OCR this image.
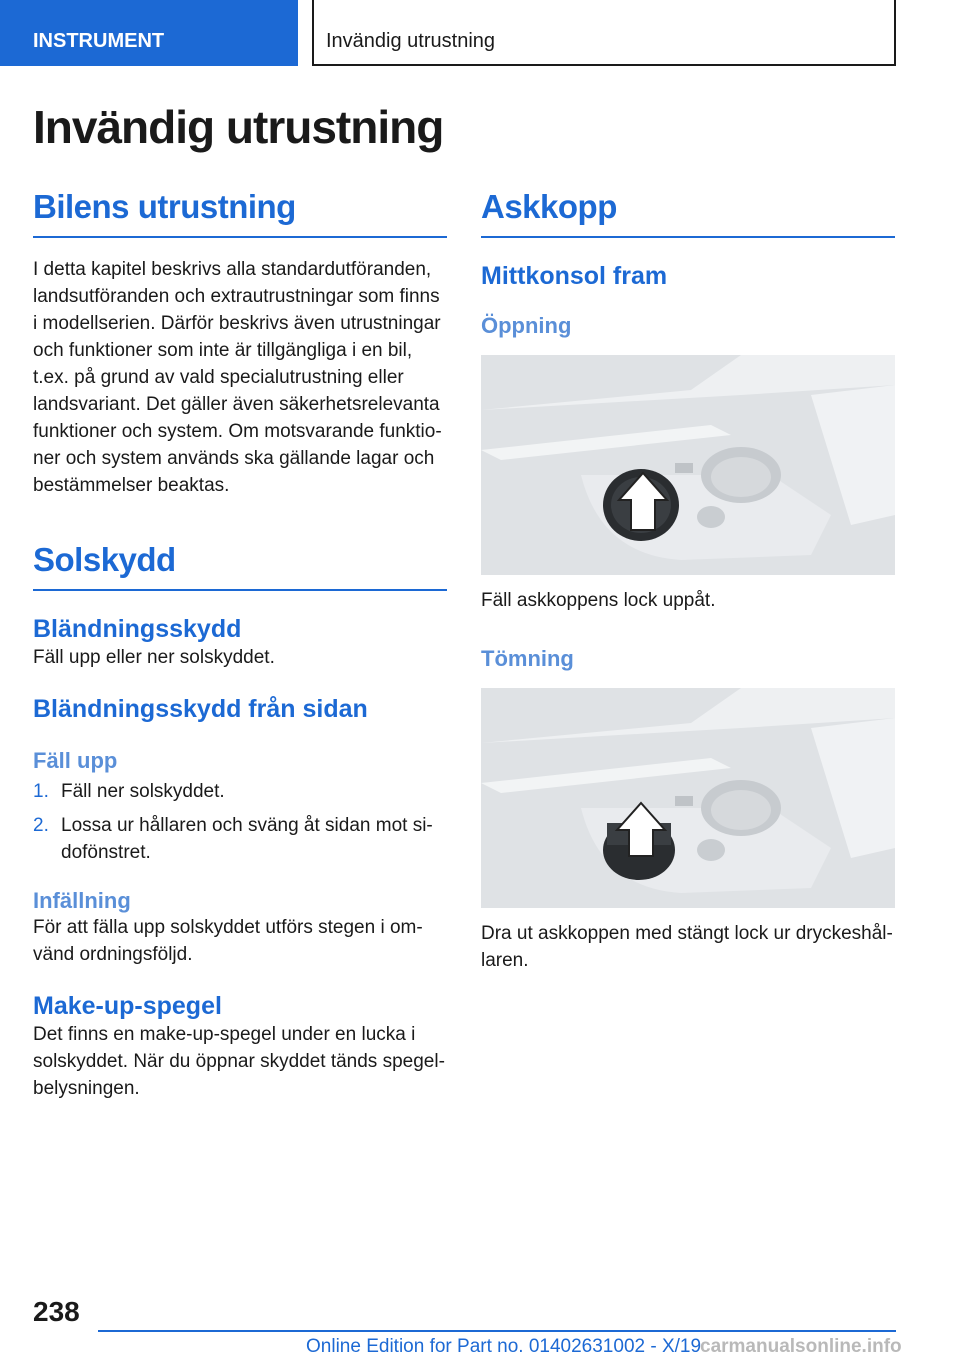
INSTRUMENT	Invändig utrustning
Invändig utrustning
Bilens utrustning

I detta kapitel beskrivs alla standardutföranden, landsutföranden och extrautrustningar som finns i modellserien. Därför beskrivs även utrustningar och funktioner som inte är tillgängliga i en bil, t.ex. på grund av vald specialutrustning eller landsvariant. Det gäller även säkerhetsrelevanta funktioner och system. Om motsvarande funktio-ner och system används ska gällande lagar och bestämmelser beaktas.

Solskydd
Bländningsskydd

Fäll upp eller ner solskyddet.

Bländningsskydd från sidan
Fäll upp
1. Fäll ner solskyddet.
2. Lossa ur hållaren och sväng åt sidan mot si-dofönstret.
Infällning

För att fälla upp solskyddet utförs stegen i om-vänd ordningsföljd.

Make-up-spegel

Det finns en make-up-spegel under en lucka i solskyddet. När du öppnar skyddet tänds spegel-belysningen.

Askkopp
Mittkonsol fram
Öppning

Fäll askkoppens lock uppåt.

Tömning

Dra ut askkoppen med stängt lock ur dryckeshål-laren.

238
Online Edition for Part no. 01402631002 - X/19
carmanualsonline.info
